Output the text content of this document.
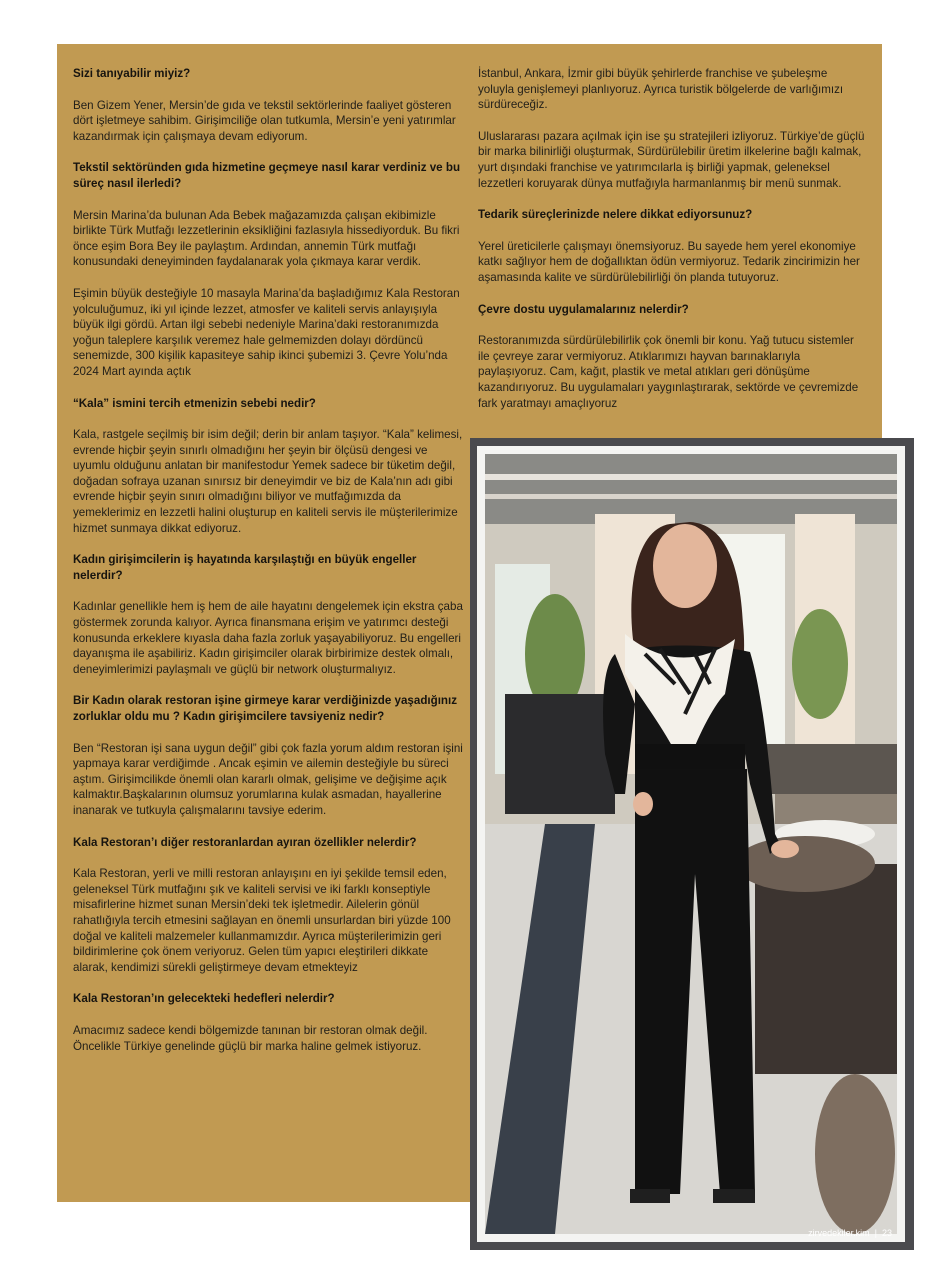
Sizi tanıyabilir miyiz?

Ben Gizem Yener, Mersin’de gıda ve tekstil sektörlerinde faaliyet gösteren dört işletmeye sahibim. Girişimciliğe olan tutkumla, Mersin’e yeni yatırımlar kazandırmak için çalışmaya devam ediyorum.

Tekstil sektöründen gıda hizmetine geçmeye nasıl karar verdiniz ve bu süreç nasıl ilerledi?

Mersin Marina’da bulunan Ada Bebek mağazamızda çalışan ekibimizle birlikte Türk Mutfağı lezzetlerinin eksikliğini fazlasıyla hissediyorduk. Bu fikri önce eşim Bora Bey ile paylaştım. Ardından, annemin Türk mutfağı konusundaki deneyiminden faydalanarak yola çıkmaya karar verdik.

Eşimin büyük desteğiyle 10 masayla Marina’da başladığımız Kala Restoran yolculuğumuz, iki yıl içinde lezzet, atmosfer ve kaliteli servis anlayışıyla büyük ilgi gördü. Artan ilgi sebebi nedeniyle Marina’daki restoranımızda yoğun taleplere karşılık veremez hale gelmemizden dolayı dördüncü senemizde, 300 kişilik kapasiteye sahip ikinci şubemizi 3. Çevre Yolu’nda 2024 Mart ayında açtık

“Kala” ismini tercih etmenizin sebebi nedir?

Kala, rastgele seçilmiş bir isim değil; derin bir anlam taşıyor. “Kala” kelimesi, evrende hiçbir şeyin sınırlı olmadığını her şeyin bir ölçüsü dengesi ve uyumlu olduğunu anlatan bir manifestodur Yemek sadece bir tüketim değil, doğadan sofraya uzanan sınırsız bir deneyimdir ve biz de Kala’nın adı gibi evrende hiçbir şeyin sınırı olmadığını biliyor ve mutfağımızda da yemeklerimiz en lezzetli halini oluşturup en kaliteli servis ile müşterilerimize hizmet sunmaya dikkat ediyoruz.

Kadın girişimcilerin iş hayatında karşılaştığı en büyük engeller nelerdir?

Kadınlar genellikle hem iş hem de aile hayatını dengelemek için ekstra çaba göstermek zorunda kalıyor. Ayrıca finansmana erişim ve yatırımcı desteği konusunda erkeklere kıyasla daha fazla zorluk yaşayabiliyoruz. Bu engelleri dayanışma ile aşabiliriz. Kadın girişimciler olarak birbirimize destek olmalı, deneyimlerimizi paylaşmalı ve güçlü bir network oluşturmalıyız.

Bir Kadın olarak restoran işine girmeye karar verdiğinizde yaşadığınız zorluklar oldu mu ? Kadın girişimcilere tavsiyeniz nedir?

Ben “Restoran işi sana uygun değil” gibi çok fazla yorum aldım restoran işini yapmaya karar verdiğimde . Ancak eşimin ve ailemin desteğiyle bu süreci aştım. Girişimcilikde önemli olan kararlı olmak, gelişime ve değişime açık kalmaktır.Başkalarının olumsuz yorumlarına kulak asmadan, hayallerine inanarak ve tutkuyla çalışmalarını tavsiye ederim.

Kala Restoran’ı diğer restoranlardan ayıran özellikler nelerdir?

Kala Restoran, yerli ve milli restoran anlayışını en iyi şekilde temsil eden, geleneksel Türk mutfağını şık ve kaliteli servisi ve iki farklı konseptiyle misafirlerine hizmet sunan Mersin’deki tek işletmedir. Ailelerin gönül rahatlığıyla tercih etmesini sağlayan en önemli unsurlardan biri yüzde 100 doğal ve kaliteli malzemeler kullanmamızdır. Ayrıca müşterilerimizin geri bildirimlerine çok önem veriyoruz. Gelen tüm yapıcı eleştirileri dikkate alarak, kendimizi sürekli geliştirmeye devam etmekteyiz

Kala Restoran’ın gelecekteki hedefleri nelerdir?

Amacımız sadece kendi bölgemizde tanınan bir restoran olmak değil. Öncelikle Türkiye genelinde güçlü bir marka haline gelmek istiyoruz.

İstanbul, Ankara, İzmir gibi büyük şehirlerde franchise ve şubeleşme yoluyla genişlemeyi planlıyoruz. Ayrıca turistik bölgelerde de varlığımızı sürdüreceğiz.

Uluslararası pazara açılmak için ise şu stratejileri izliyoruz. Türkiye’de güçlü bir marka bilinirliği oluşturmak, Sürdürülebilir üretim ilkelerine bağlı kalmak, yurt dışındaki franchise ve yatırımcılarla iş birliği yapmak, geleneksel lezzetleri koruyarak dünya mutfağıyla harmanlanmış bir menü sunmak.

Tedarik süreçlerinizde nelere dikkat ediyorsunuz?

Yerel üreticilerle çalışmayı önemsiyoruz. Bu sayede hem yerel ekonomiye katkı sağlıyor hem de doğallıktan ödün vermiyoruz. Tedarik zincirimizin her aşamasında kalite ve sürdürülebilirliği ön planda tutuyoruz.

Çevre dostu uygulamalarınız nelerdir?

Restoranımızda sürdürülebilirlik çok önemli bir konu. Yağ tutucu sistemler ile çevreye zarar vermiyoruz. Atıklarımızı hayvan barınaklarıyla paylaşıyoruz. Cam, kağıt, plastik ve metal atıkları geri dönüşüme kazandırıyoruz. Bu uygulamaları yaygınlaştırarak, sektörde ve çevremizde fark yaratmayı amaçlıyoruz

zirvedekiler.kim | 23
